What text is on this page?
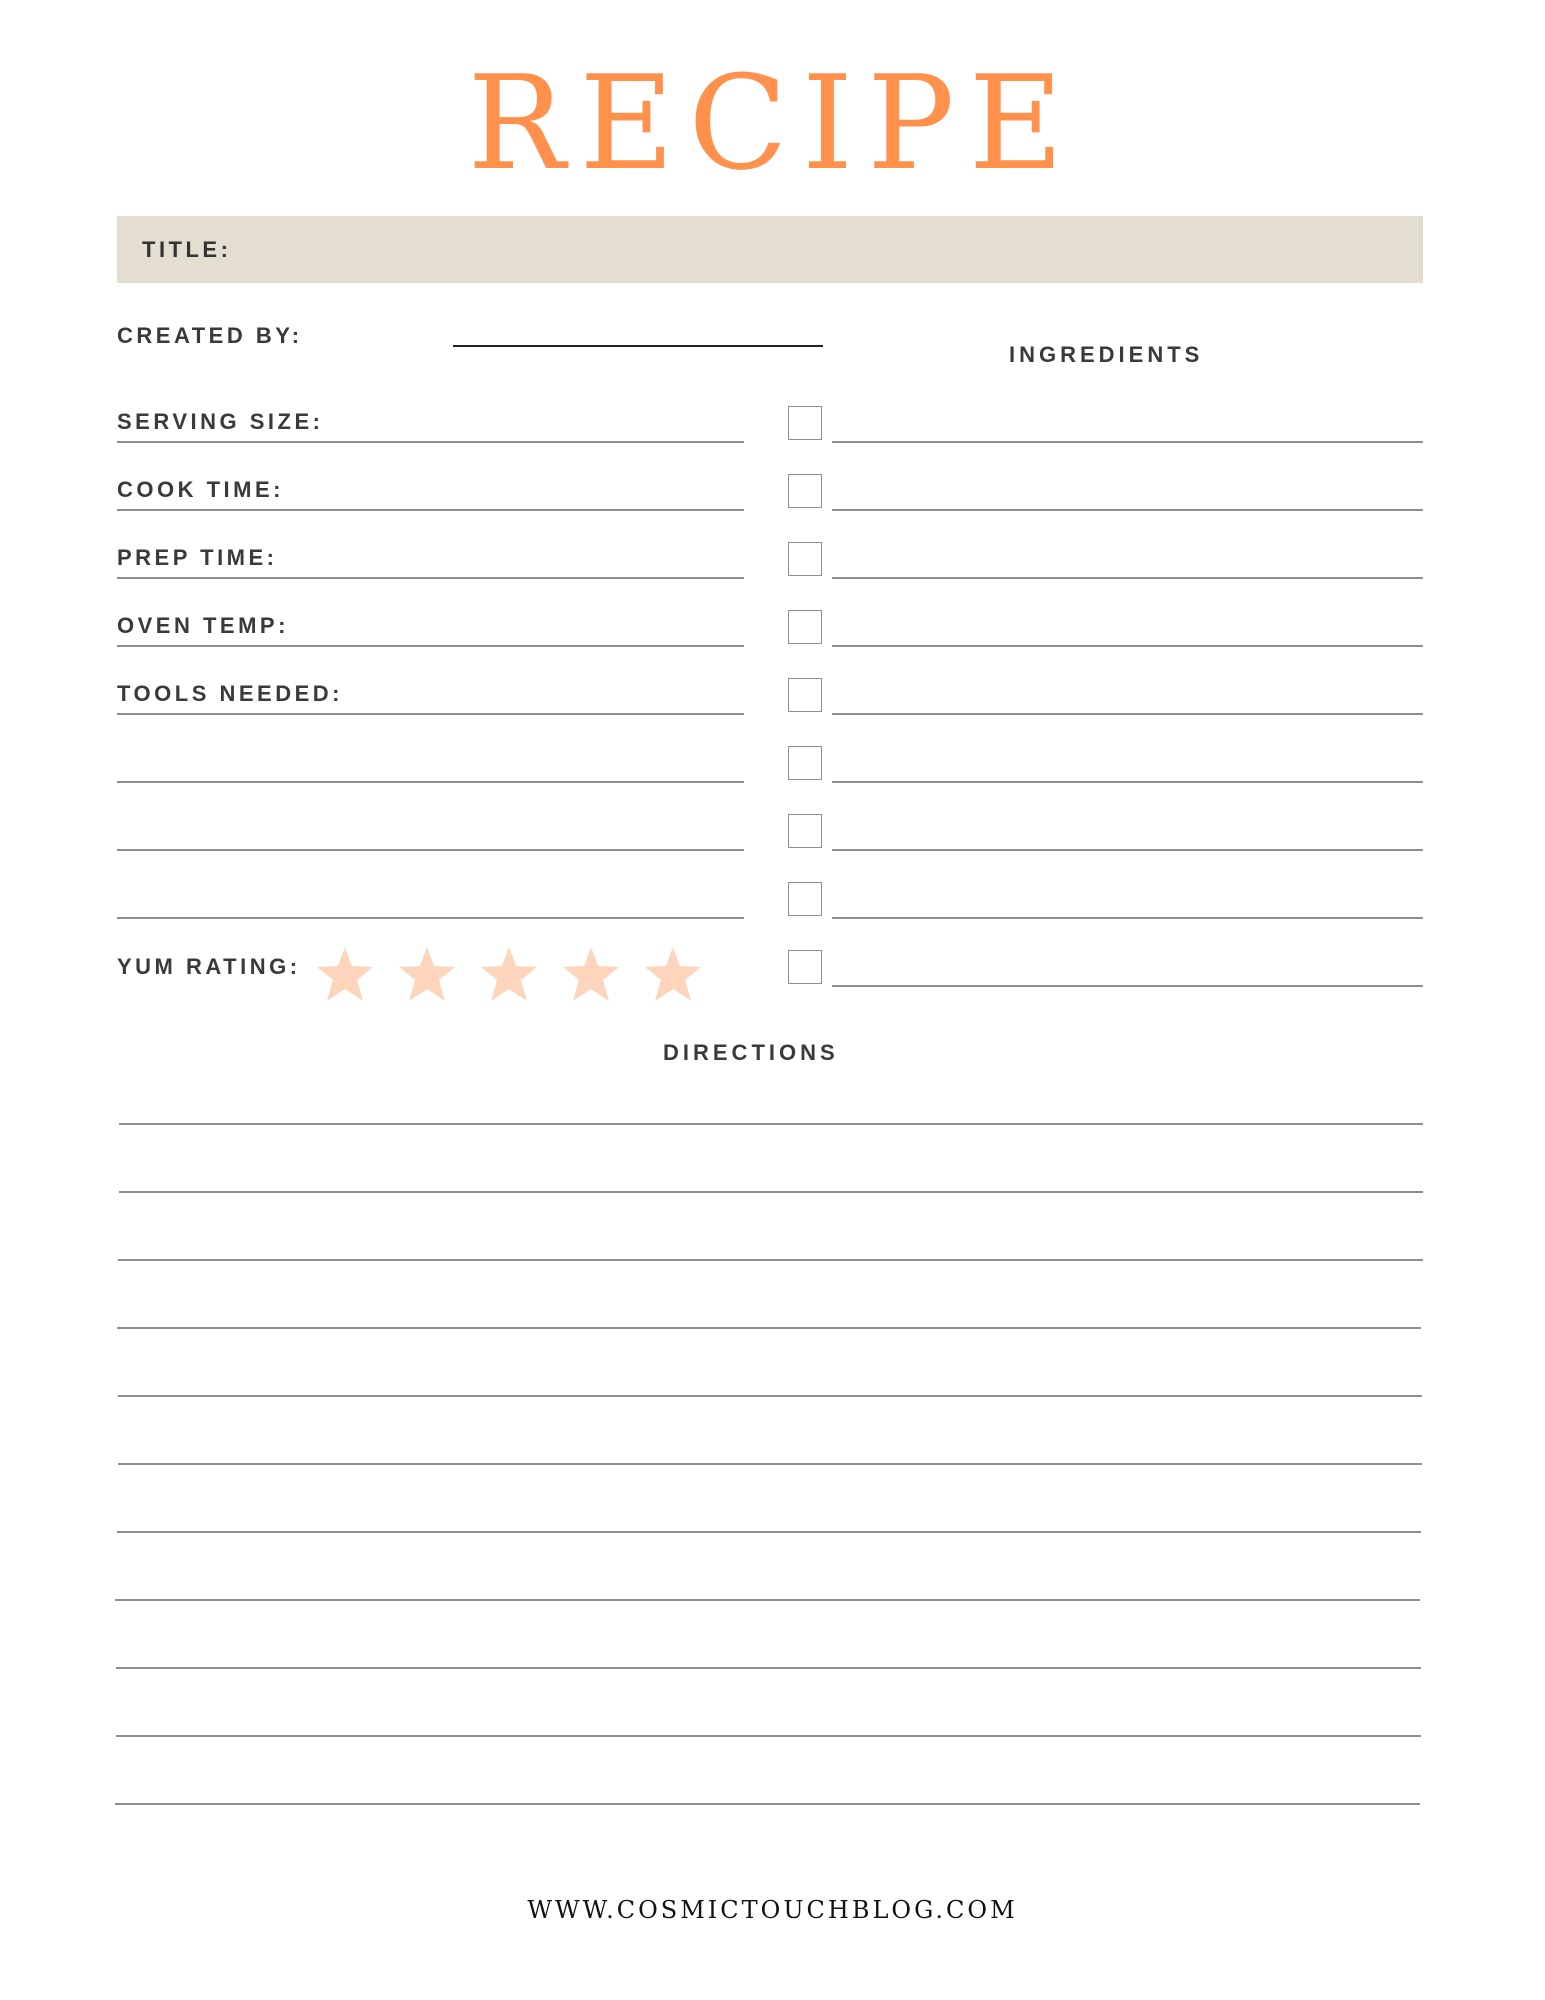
RECIPE
TITLE:
CREATED BY:
SERVING SIZE:
COOK TIME:
PREP TIME:
OVEN TEMP:
TOOLS NEEDED:
YUM RATING:
INGREDIENTS
DIRECTIONS
WWW.COSMICTOUCHBLOG.COM
